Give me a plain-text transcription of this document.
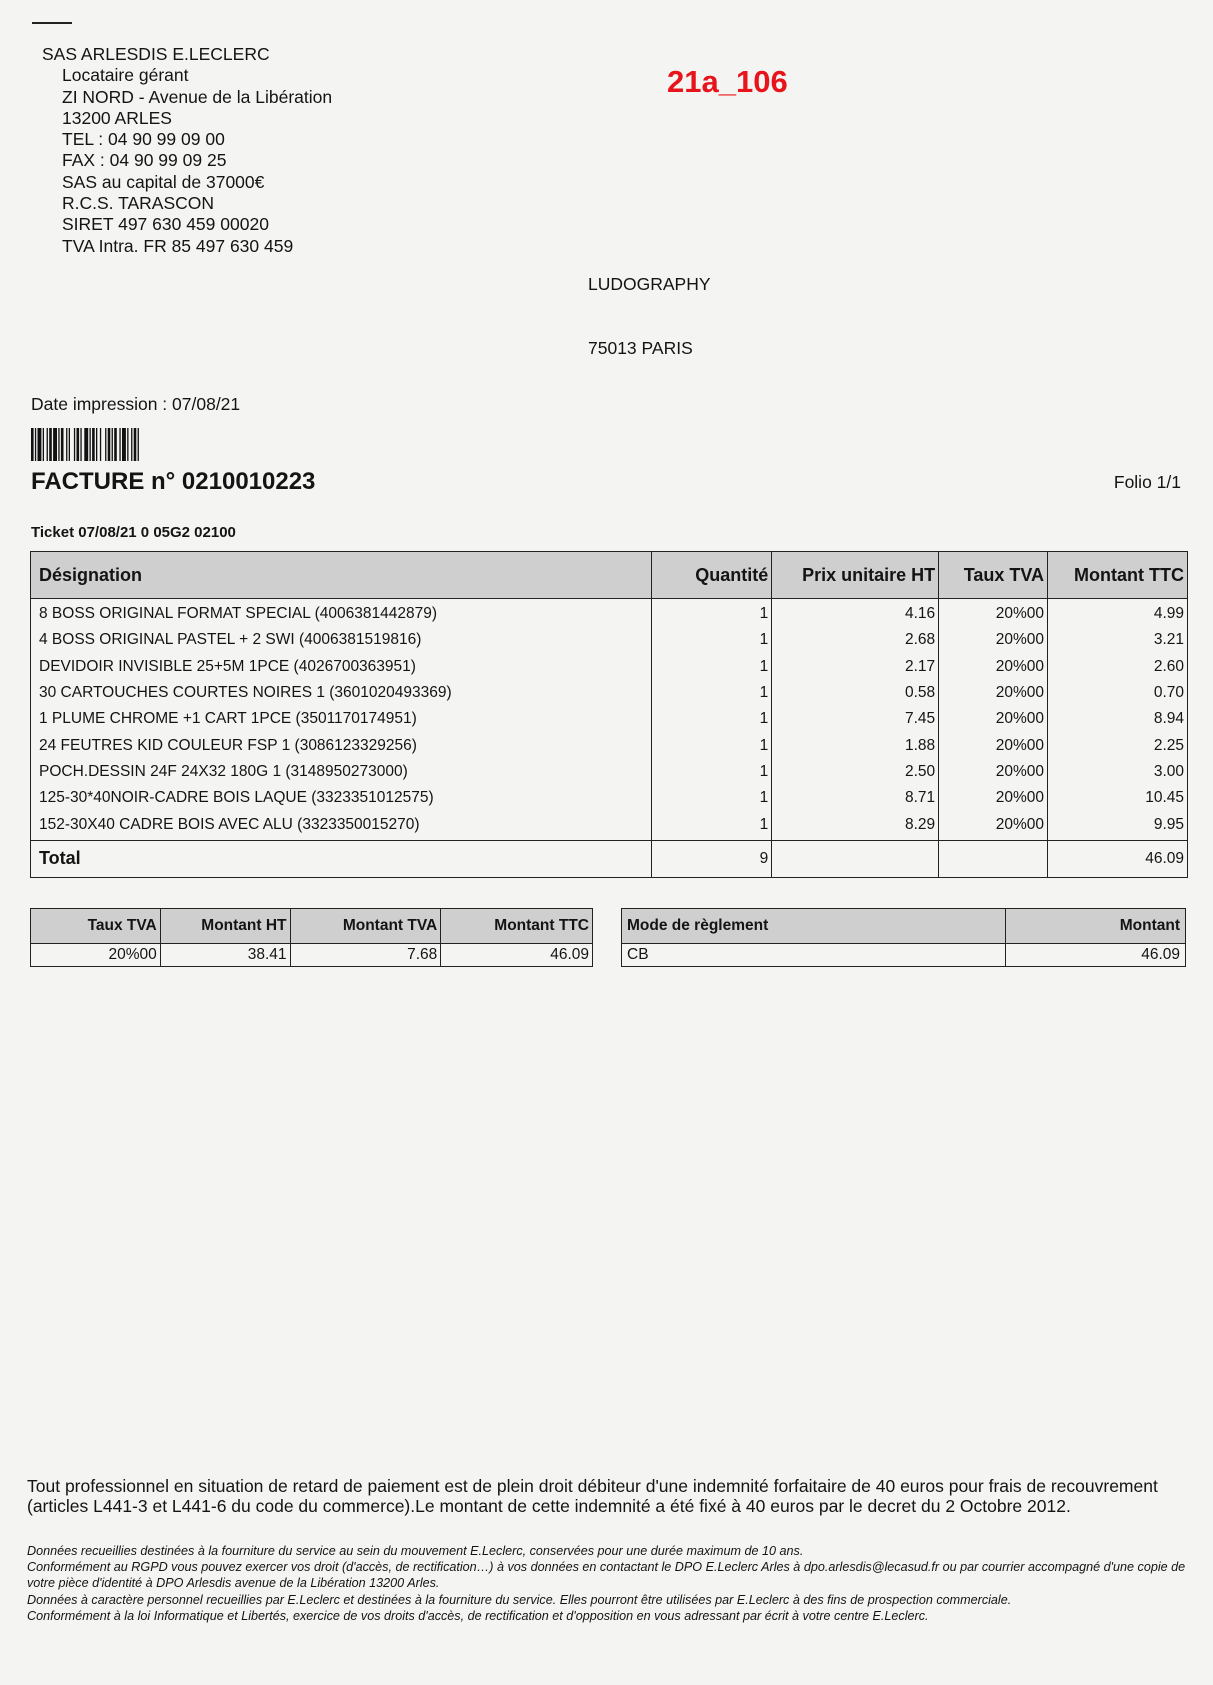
SAS ARLESDIS E.LECLERC
Locataire gérant
ZI NORD - Avenue de la Libération
13200 ARLES
TEL : 04 90 99 09 00
FAX : 04 90 99 09 25
SAS au capital de 37000€
R.C.S. TARASCON
SIRET 497 630 459 00020
TVA Intra. FR 85 497 630 459
21a_106
LUDOGRAPHY
75013 PARIS
Date impression : 07/08/21
FACTURE n° 0210010223	Folio 1/1
Ticket 07/08/21 0 05G2 02100
Désignation	Quantité	Prix unitaire HT	Taux TVA	Montant TTC
8 BOSS ORIGINAL FORMAT SPECIAL (4006381442879)	1	4.16	20%00	4.99
4 BOSS ORIGINAL PASTEL + 2 SWI (4006381519816)	1	2.68	20%00	3.21
DEVIDOIR INVISIBLE 25+5M 1PCE (4026700363951)	1	2.17	20%00	2.60
30 CARTOUCHES COURTES NOIRES 1 (3601020493369)	1	0.58	20%00	0.70
1 PLUME CHROME +1 CART 1PCE (3501170174951)	1	7.45	20%00	8.94
24 FEUTRES KID COULEUR FSP 1 (3086123329256)	1	1.88	20%00	2.25
POCH.DESSIN 24F 24X32 180G 1 (3148950273000)	1	2.50	20%00	3.00
125-30*40NOIR-CADRE BOIS LAQUE (3323351012575)	1	8.71	20%00	10.45
152-30X40 CADRE BOIS AVEC ALU (3323350015270)	1	8.29	20%00	9.95
Total	9			46.09
Taux TVA	Montant HT	Montant TVA	Montant TTC
20%00	38.41	7.68	46.09
Mode de règlement	Montant
CB	46.09
Tout professionnel en situation de retard de paiement est de plein droit débiteur d'une indemnité forfaitaire de 40 euros pour frais de recouvrement (articles L441-3 et L441-6 du code du commerce).Le montant de cette indemnité a été fixé à 40 euros par le decret du 2 Octobre 2012.
Données recueillies destinées à la fourniture du service au sein du mouvement E.Leclerc, conservées pour une durée maximum de 10 ans.
Conformément au RGPD vous pouvez exercer vos droit (d'accès, de rectification…) à vos données en contactant le DPO E.Leclerc Arles à dpo.arlesdis@lecasud.fr ou par courrier accompagné d'une copie de votre pièce d'identité à DPO Arlesdis avenue de la Libération 13200 Arles.
Données à caractère personnel recueillies par E.Leclerc et destinées à la fourniture du service. Elles pourront être utilisées par E.Leclerc à des fins de prospection commerciale.
Conformément à la loi Informatique et Libertés, exercice de vos droits d'accès, de rectification et d'opposition en vous adressant par écrit à votre centre E.Leclerc.
